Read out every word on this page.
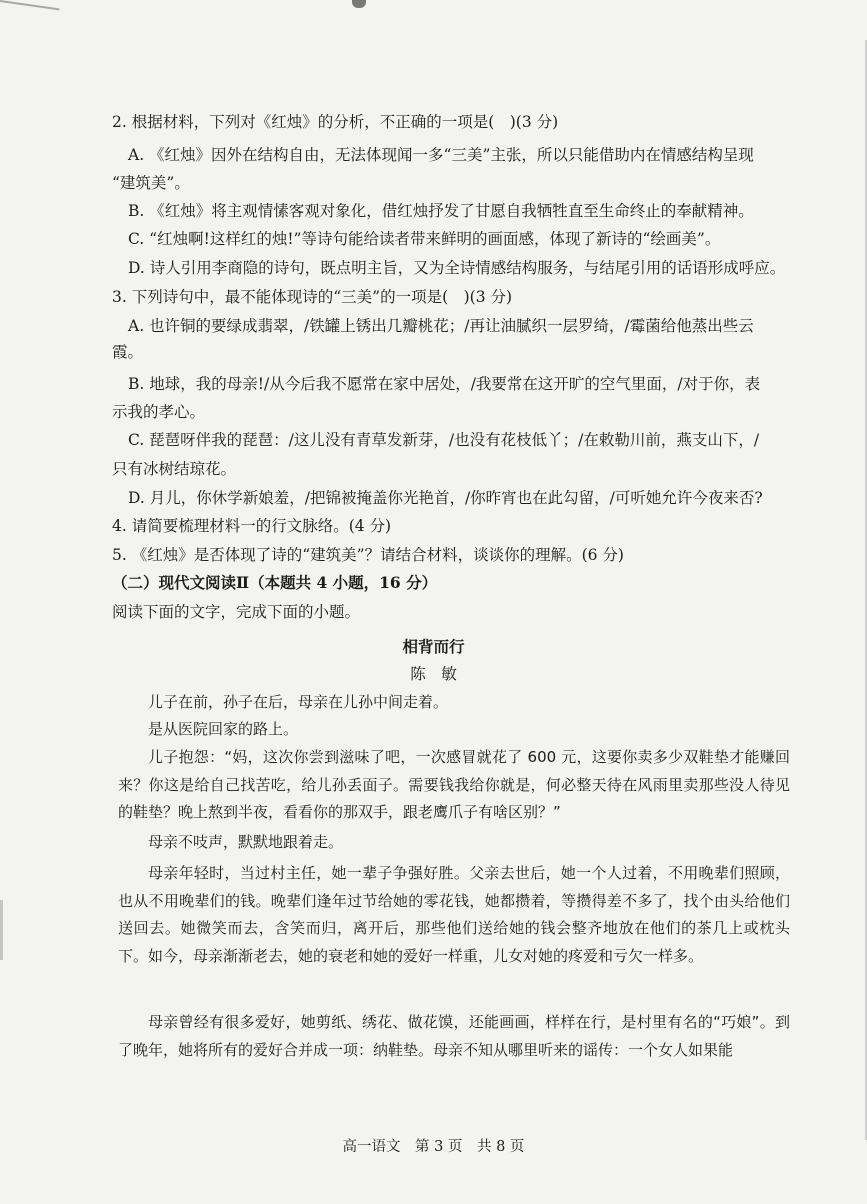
2. 根据材料，下列对《红烛》的分析，不正确的一项是(　)(3 分)
A. 《红烛》因外在结构自由，无法体现闻一多“三美”主张，所以只能借助内在情感结构呈现
“建筑美”。
B. 《红烛》将主观情愫客观对象化，借红烛抒发了甘愿自我牺牲直至生命终止的奉献精神。
C. “红烛啊!这样红的烛!”等诗句能给读者带来鲜明的画面感，体现了新诗的“绘画美”。
D. 诗人引用李商隐的诗句，既点明主旨，又为全诗情感结构服务，与结尾引用的话语形成呼应。
3. 下列诗句中，最不能体现诗的“三美”的一项是(　)(3 分)
A. 也许铜的要绿成翡翠，/铁罐上锈出几瓣桃花；/再让油腻织一层罗绮，/霉菌给他蒸出些云
霞。
B. 地球，我的母亲!/从今后我不愿常在家中居处，/我要常在这开旷的空气里面，/对于你，表
示我的孝心。
C. 琵琶呀伴我的琵琶：/这儿没有青草发新芽，/也没有花枝低丫；/在敕勒川前，燕支山下，/
只有冰树结琼花。
D. 月儿，你休学新娘羞，/把锦被掩盖你光艳首，/你昨宵也在此勾留，/可听她允许今夜来否?
4. 请简要梳理材料一的行文脉络。(4 分)
5. 《红烛》是否体现了诗的“建筑美”？请结合材料，谈谈你的理解。(6 分)
（二）现代文阅读Ⅱ（本题共 4 小题，16 分）
阅读下面的文字，完成下面的小题。
相背而行
陈　敏
儿子在前，孙子在后，母亲在儿孙中间走着。
是从医院回家的路上。
儿子抱怨：“妈，这次你尝到滋味了吧，一次感冒就花了 600 元，这要你卖多少双鞋垫才能赚回来？你这是给自己找苦吃，给儿孙丢面子。需要钱我给你就是，何必整天待在风雨里卖那些没人待见的鞋垫？晚上熬到半夜，看看你的那双手，跟老鹰爪子有啥区别？”
母亲不吱声，默默地跟着走。
母亲年轻时，当过村主任，她一辈子争强好胜。父亲去世后，她一个人过着，不用晚辈们照顾，也从不用晚辈们的钱。晚辈们逢年过节给她的零花钱，她都攒着，等攒得差不多了，找个由头给他们送回去。她微笑而去，含笑而归，离开后，那些他们送给她的钱会整齐地放在他们的茶几上或枕头下。如今，母亲渐渐老去，她的衰老和她的爱好一样重，儿女对她的疼爱和亏欠一样多。
母亲曾经有很多爱好，她剪纸、绣花、做花馍，还能画画，样样在行，是村里有名的“巧娘”。到了晚年，她将所有的爱好合并成一项：纳鞋垫。母亲不知从哪里听来的谣传：一个女人如果能
高一语文　第 3 页　共 8 页
